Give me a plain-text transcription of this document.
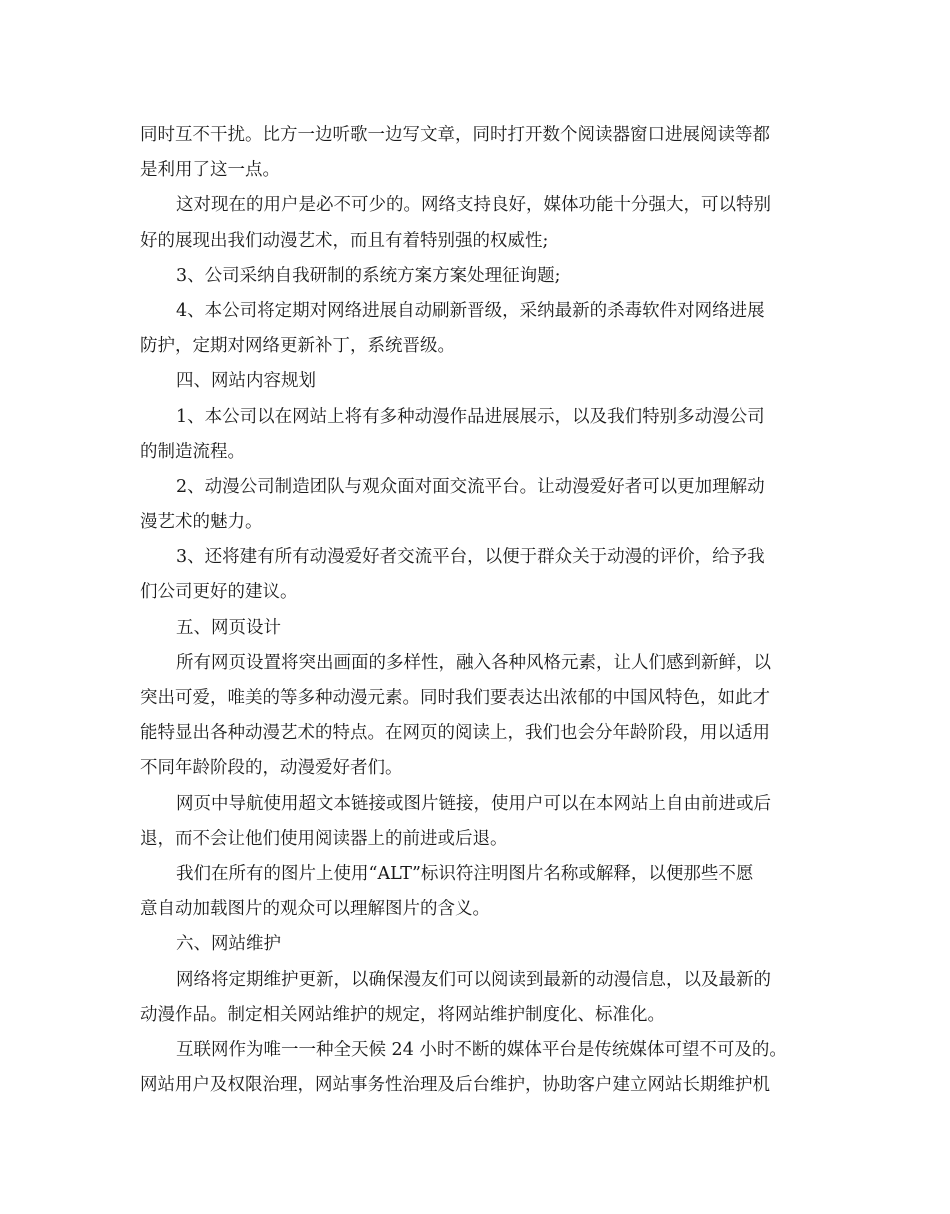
同时互不干扰。比方一边听歌一边写文章，同时打开数个阅读器窗口进展阅读等都
是利用了这一点。
这对现在的用户是必不可少的。网络支持良好，媒体功能十分强大，可以特别
好的展现出我们动漫艺术，而且有着特别强的权威性;
3、公司采纳自我研制的系统方案方案处理征询题;
4、本公司将定期对网络进展自动刷新晋级，采纳最新的杀毒软件对网络进展
防护，定期对网络更新补丁，系统晋级。
四、网站内容规划
1、本公司以在网站上将有多种动漫作品进展展示，以及我们特别多动漫公司
的制造流程。
2、动漫公司制造团队与观众面对面交流平台。让动漫爱好者可以更加理解动
漫艺术的魅力。
3、还将建有所有动漫爱好者交流平台，以便于群众关于动漫的评价，给予我
们公司更好的建议。
五、网页设计
所有网页设置将突出画面的多样性，融入各种风格元素，让人们感到新鲜，以
突出可爱，唯美的等多种动漫元素。同时我们要表达出浓郁的中国风特色，如此才
能特显出各种动漫艺术的特点。在网页的阅读上，我们也会分年龄阶段，用以适用
不同年龄阶段的，动漫爱好者们。
网页中导航使用超文本链接或图片链接，使用户可以在本网站上自由前进或后
退，而不会让他们使用阅读器上的前进或后退。
我们在所有的图片上使用“ALT”标识符注明图片名称或解释，以便那些不愿
意自动加载图片的观众可以理解图片的含义。
六、网站维护
网络将定期维护更新，以确保漫友们可以阅读到最新的动漫信息，以及最新的
动漫作品。制定相关网站维护的规定，将网站维护制度化、标准化。
互联网作为唯一一种全天候 24 小时不断的媒体平台是传统媒体可望不可及的。
网站用户及权限治理，网站事务性治理及后台维护，协助客户建立网站长期维护机
